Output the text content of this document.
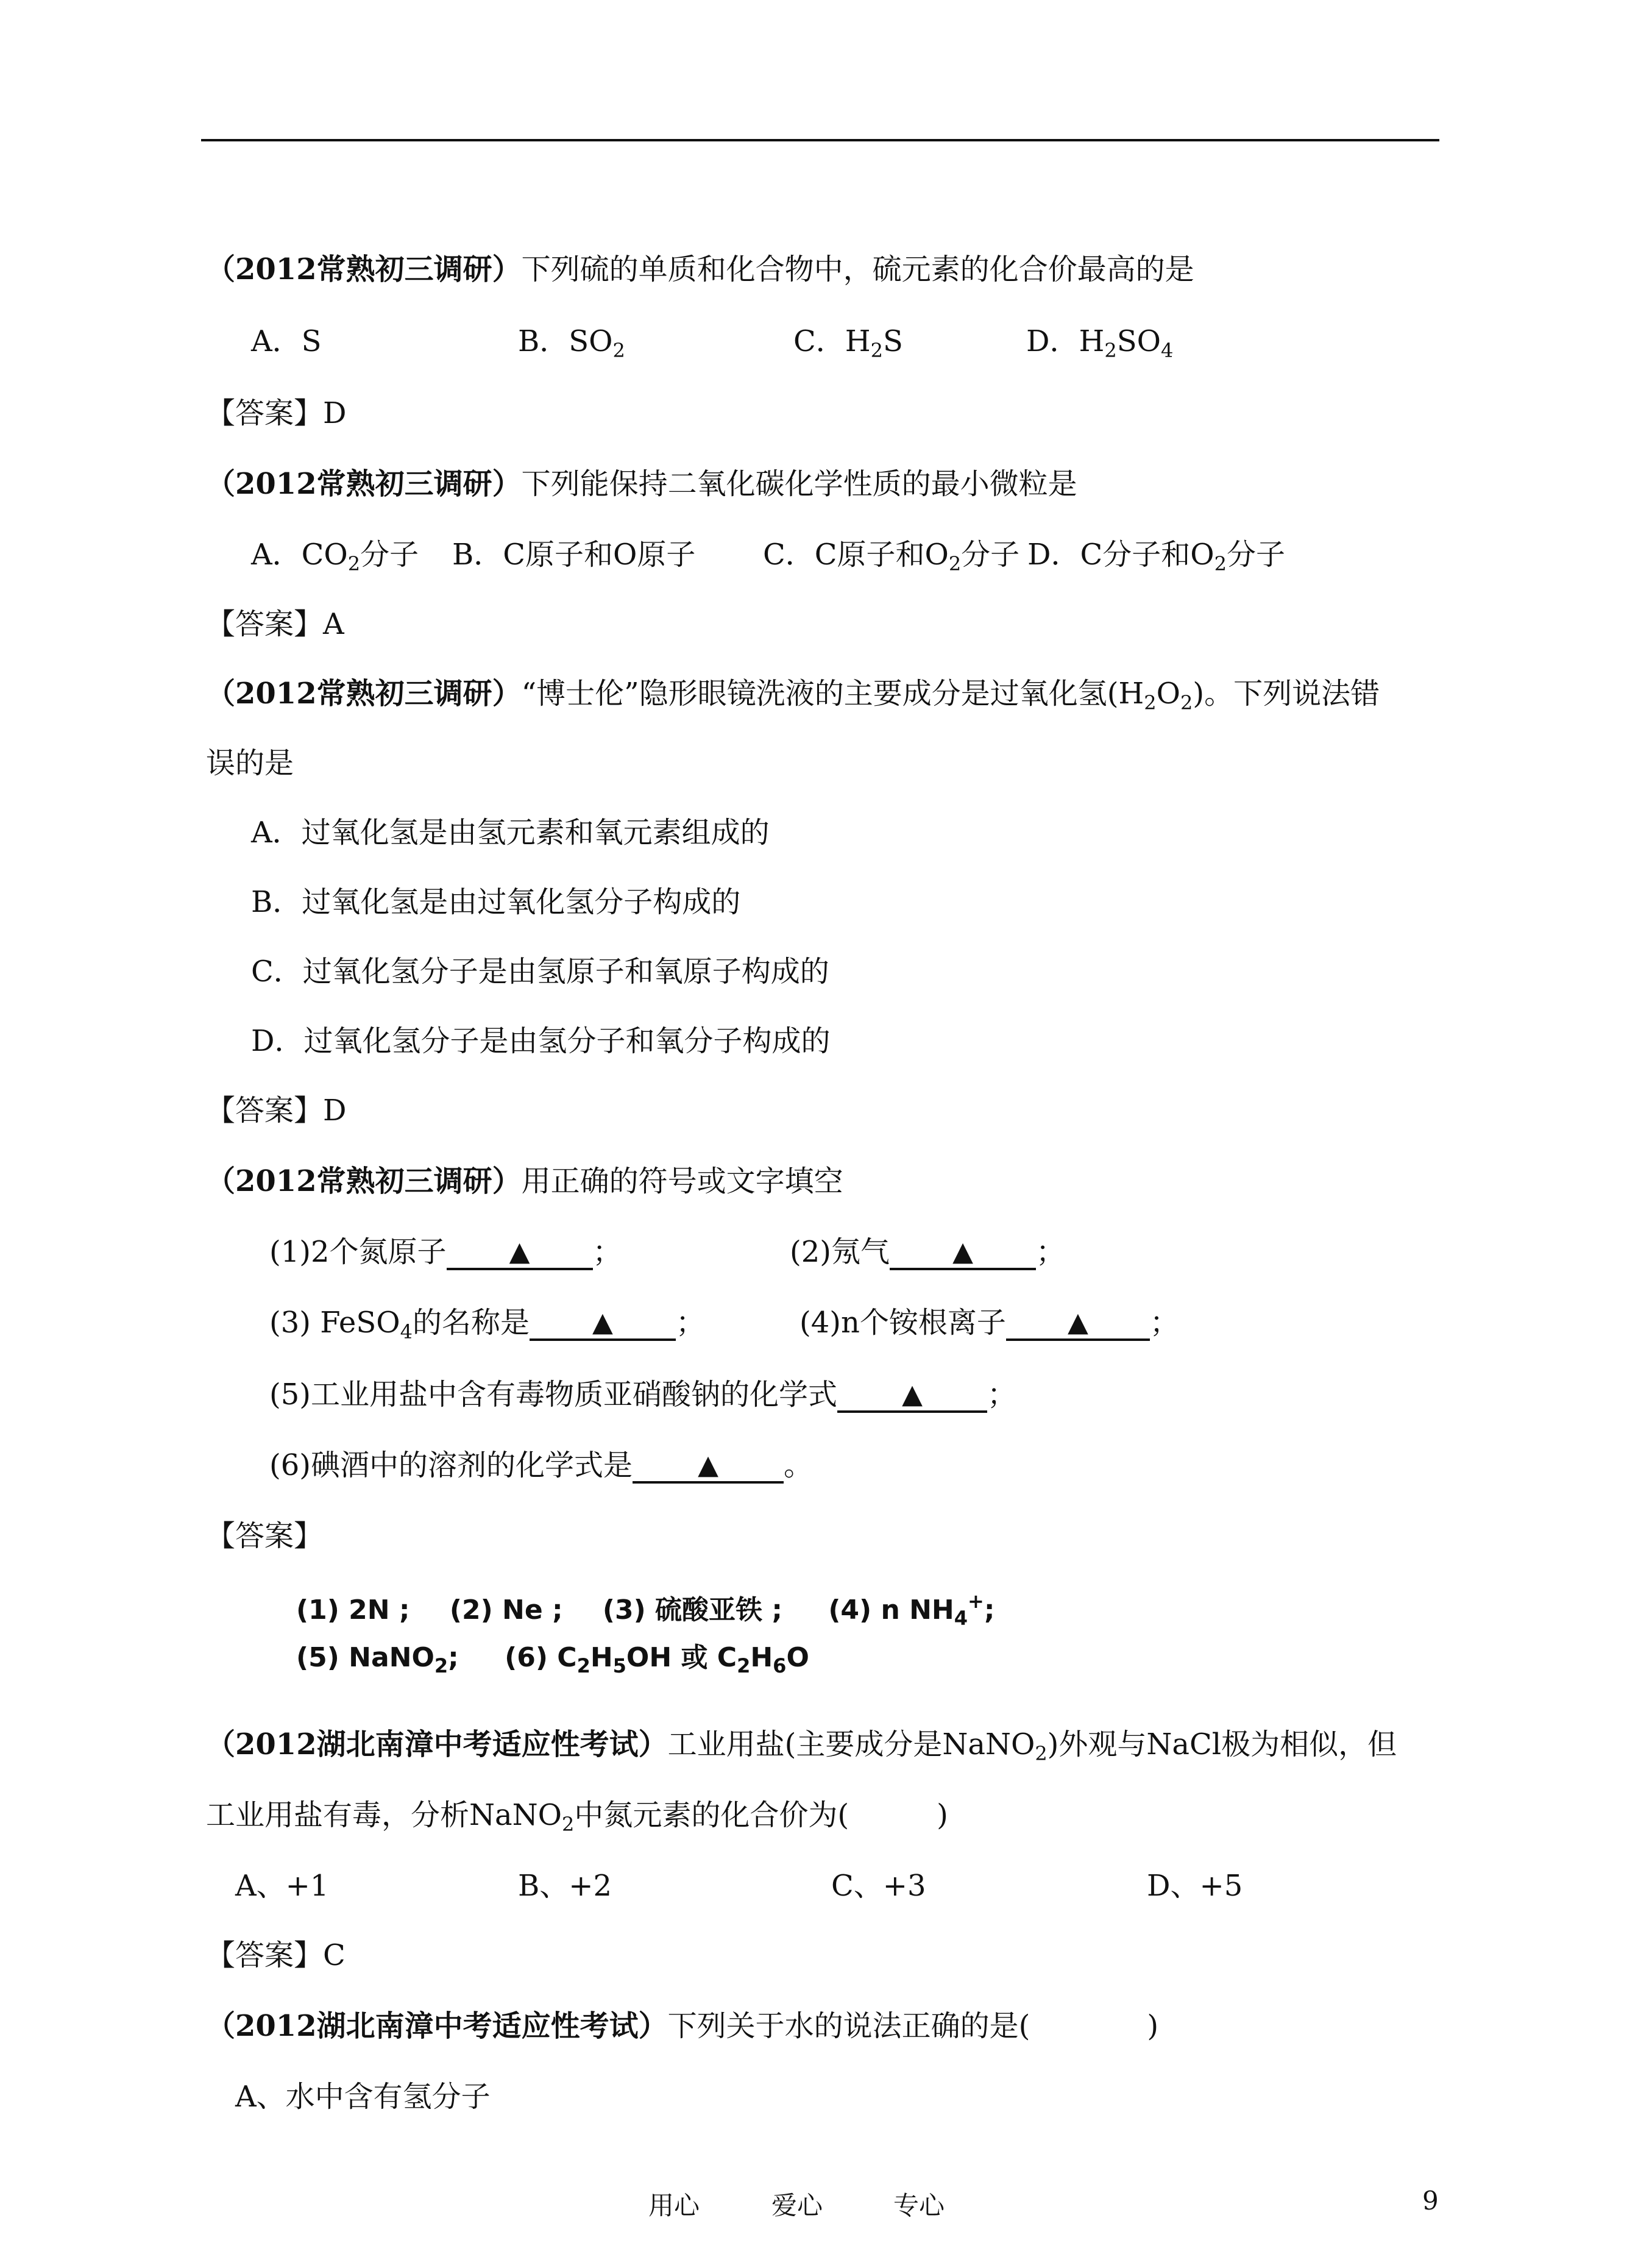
（2012常熟初三调研）下列硫的单质和化合物中，硫元素的化合价最高的是
A．S	B．$SO_2$	C．$H_2S$	D．$H_2SO_4$
【答案】D
（2012常熟初三调研）下列能保持二氧化碳化学性质的最小微粒是
A．$CO_2$分子 B．C原子和O原子 C．C原子和$O_2$分子 D．C分子和$O_2$分子
【答案】A
（2012常熟初三调研）“博士伦”隐形眼镜洗液的主要成分是过氧化氢$(H_2O_2)$。下列说法错
误的是
A．过氧化氢是由氢元素和氧元素组成的
B．过氧化氢是由过氧化氢分子构成的
C．过氧化氢分子是由氢原子和氧原子构成的
D．过氧化氢分子是由氢分子和氧分子构成的
【答案】D
（2012常熟初三调研）用正确的符号或文字填空
(1)2个氮原子 ▲ ；	(2)氖气 ▲ ；
(3) FeSO$_4$的名称是 ▲ ；	(4)n个铵根离子 ▲ ；
(5)工业用盐中含有毒物质亚硝酸钠的化学式 ▲ ；
(6)碘酒中的溶剂的化学式是 ▲ 。
【答案】
(1) 2N ; (2) Ne ; (3) 硫酸亚铁 ; (4) n $NH_4^+$;
(5) NaNO$_2$; (6) $C_2H_5OH$ 或 $C_2H_6O$
（2012湖北南漳中考适应性考试）工业用盐(主要成分是NaNO$_2$)外观与NaCl极为相似，但
工业用盐有毒，分析NaNO$_2$中氮元素的化合价为(　　　)
A、+1	B、+2	C、+3	D、+5
【答案】C
（2012湖北南漳中考适应性考试）下列关于水的说法正确的是(　　　　)
A、水中含有氢分子
用心	爱心	专心	9
